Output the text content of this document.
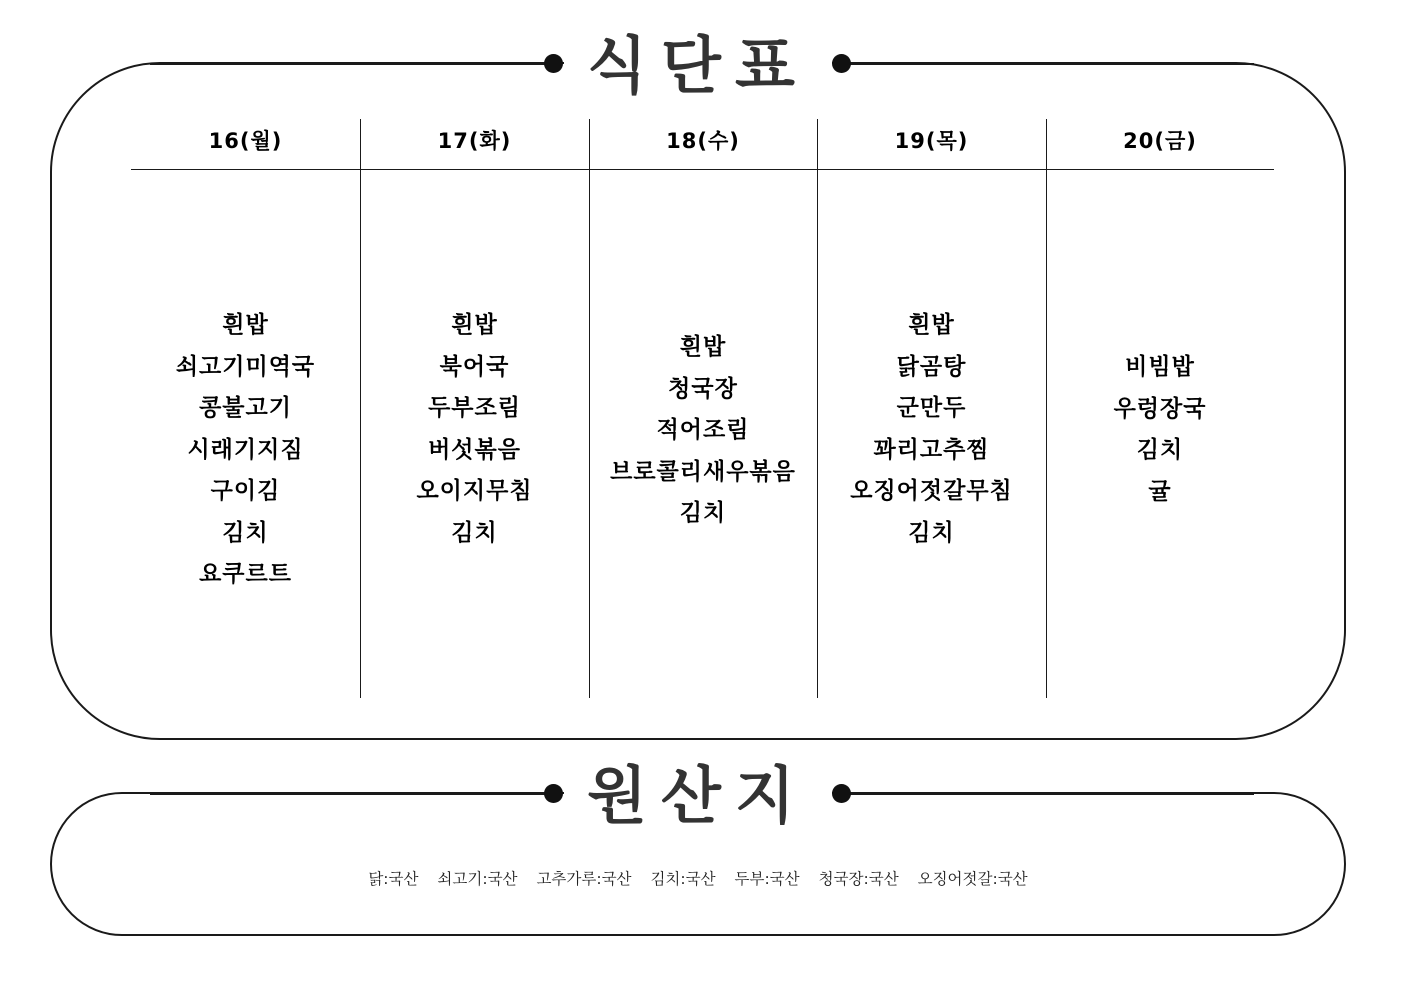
식단표
16(월)
흰밥
쇠고기미역국
콩불고기
시래기지짐
구이김
김치
요쿠르트
17(화)
흰밥
북어국
두부조림
버섯볶음
오이지무침
김치
18(수)
흰밥
청국장
적어조림
브로콜리새우볶음
김치
19(목)
흰밥
닭곰탕
군만두
꽈리고추찜
오징어젓갈무침
김치
20(금)
비빔밥
우렁장국
김치
귤
원산지
닭:국산 쇠고기:국산 고추가루:국산 김치:국산 두부:국산 청국장:국산 오징어젓갈:국산
